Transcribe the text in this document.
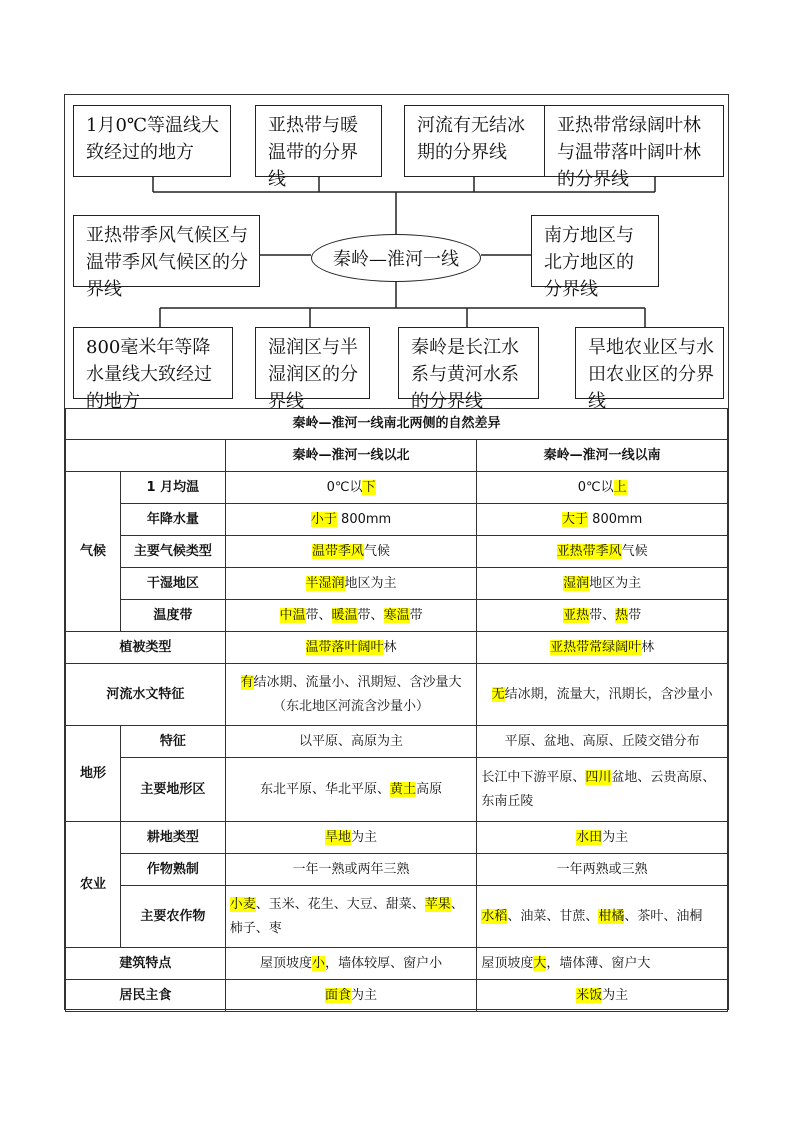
1月0℃等温线大致经过的地方
亚热带与暖温带的分界线
河流有无结冰期的分界线
亚热带常绿阔叶林与温带落叶阔叶林的分界线
亚热带季风气候区与温带季风气候区的分界线
秦岭—淮河一线
南方地区与北方地区的分界线
800毫米年等降水量线大致经过的地方
湿润区与半湿润区的分界线
秦岭是长江水系与黄河水系的分界线
旱地农业区与水田农业区的分界线
秦岭—淮河一线南北两侧的自然差异			
		秦岭—淮河一线以北	秦岭—淮河一线以南
气候	1 月均温	0℃以下	0℃以上
	年降水量	小于 800mm	大于 800mm
	主要气候类型	温带季风气候	亚热带季风气候
	干湿地区	半湿润地区为主	湿润地区为主
	温度带	中温带、暖温带、寒温带	亚热带、热带
植被类型		温带落叶阔叶林	亚热带常绿阔叶林
河流水文特征		有结冰期、流量小、汛期短、含沙量大（东北地区河流含沙量小）	无结冰期，流量大，汛期长，含沙量小
地形	特征	以平原、高原为主	平原、盆地、高原、丘陵交错分布
	主要地形区	东北平原、华北平原、黄土高原	长江中下游平原、四川盆地、云贵高原、东南丘陵
农业	耕地类型	旱地为主	水田为主
	作物熟制	一年一熟或两年三熟	一年两熟或三熟
	主要农作物	小麦、玉米、花生、大豆、甜菜、苹果、柿子、枣	水稻、油菜、甘蔗、柑橘、茶叶、油桐
建筑特点		屋顶坡度小，墙体较厚、窗户小	屋顶坡度大，墙体薄、窗户大
居民主食		面食为主	米饭为主
